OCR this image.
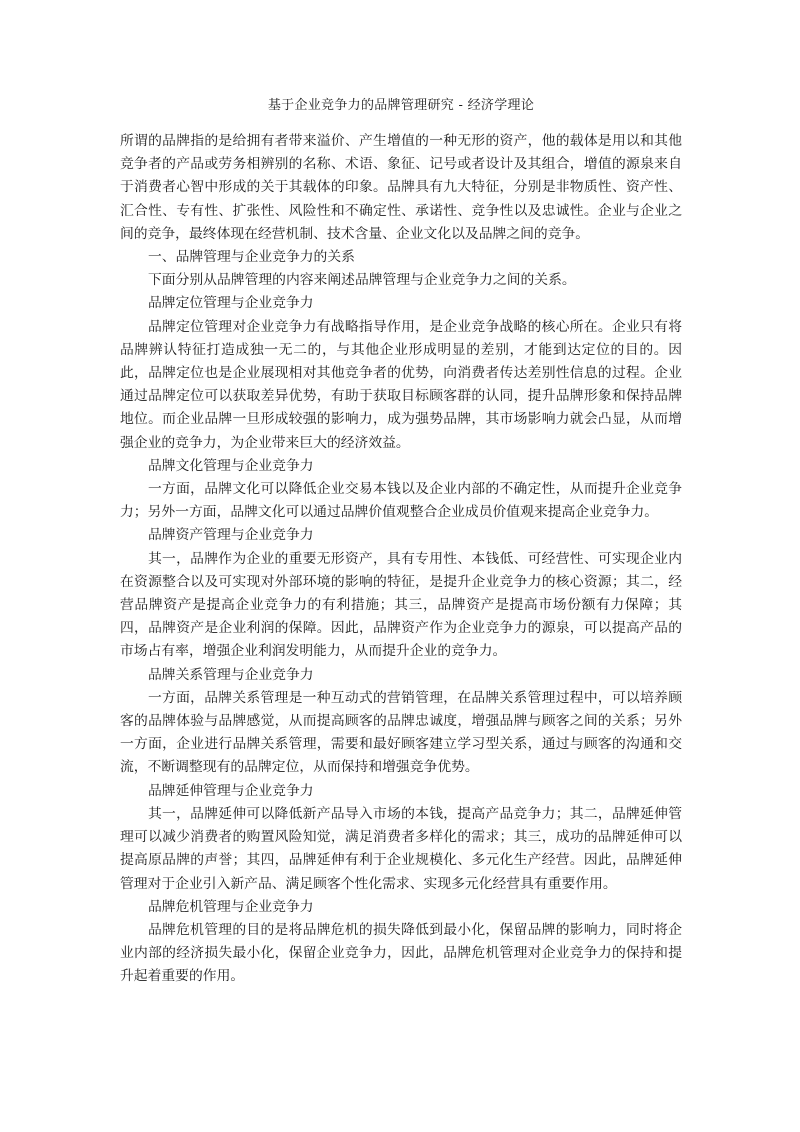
基于企业竞争力的品牌管理研究 - 经济学理论

所谓的品牌指的是给拥有者带来溢价、产生增值的一种无形的资产，他的载体是用以和其他竞争者的产品或劳务相辨别的名称、术语、象征、记号或者设计及其组合，增值的源泉来自于消费者心智中形成的关于其载体的印象。品牌具有九大特征，分别是非物质性、资产性、汇合性、专有性、扩张性、风险性和不确定性、承诺性、竞争性以及忠诚性。企业与企业之间的竞争，最终体现在经营机制、技术含量、企业文化以及品牌之间的竞争。

一、品牌管理与企业竞争力的关系

下面分别从品牌管理的内容来阐述品牌管理与企业竞争力之间的关系。

品牌定位管理与企业竞争力

品牌定位管理对企业竞争力有战略指导作用，是企业竞争战略的核心所在。企业只有将品牌辨认特征打造成独一无二的，与其他企业形成明显的差别，才能到达定位的目的。因此，品牌定位也是企业展现相对其他竞争者的优势，向消费者传达差别性信息的过程。企业通过品牌定位可以获取差异优势，有助于获取目标顾客群的认同，提升品牌形象和保持品牌地位。而企业品牌一旦形成较强的影响力，成为强势品牌，其市场影响力就会凸显，从而增强企业的竞争力，为企业带来巨大的经济效益。

品牌文化管理与企业竞争力

一方面，品牌文化可以降低企业交易本钱以及企业内部的不确定性，从而提升企业竞争力；另外一方面，品牌文化可以通过品牌价值观整合企业成员价值观来提高企业竞争力。

品牌资产管理与企业竞争力

其一，品牌作为企业的重要无形资产，具有专用性、本钱低、可经营性、可实现企业内在资源整合以及可实现对外部环境的影响的特征，是提升企业竞争力的核心资源；其二，经营品牌资产是提高企业竞争力的有利措施；其三，品牌资产是提高市场份额有力保障；其四，品牌资产是企业利润的保障。因此，品牌资产作为企业竞争力的源泉，可以提高产品的市场占有率，增强企业利润发明能力，从而提升企业的竞争力。

品牌关系管理与企业竞争力

一方面，品牌关系管理是一种互动式的营销管理，在品牌关系管理过程中，可以培养顾客的品牌体验与品牌感觉，从而提高顾客的品牌忠诚度，增强品牌与顾客之间的关系；另外一方面，企业进行品牌关系管理，需要和最好顾客建立学习型关系，通过与顾客的沟通和交流，不断调整现有的品牌定位，从而保持和增强竞争优势。

品牌延伸管理与企业竞争力

其一，品牌延伸可以降低新产品导入市场的本钱，提高产品竞争力；其二，品牌延伸管理可以减少消费者的购置风险知觉，满足消费者多样化的需求；其三，成功的品牌延伸可以提高原品牌的声誉；其四，品牌延伸有利于企业规模化、多元化生产经营。因此，品牌延伸管理对于企业引入新产品、满足顾客个性化需求、实现多元化经营具有重要作用。

品牌危机管理与企业竞争力

品牌危机管理的目的是将品牌危机的损失降低到最小化，保留品牌的影响力，同时将企业内部的经济损失最小化，保留企业竞争力，因此，品牌危机管理对企业竞争力的保持和提升起着重要的作用。
